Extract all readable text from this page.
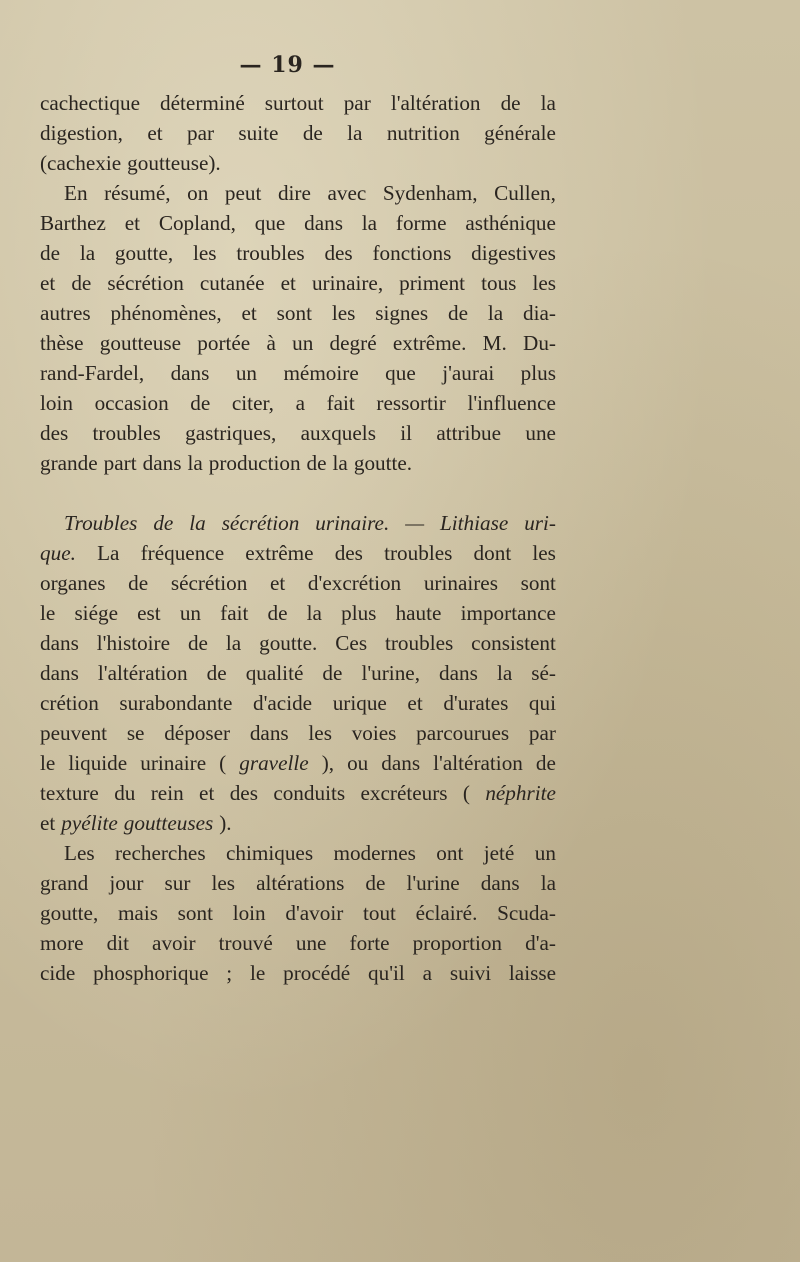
— 19 —
cachectique déterminé surtout par l'altération de la
digestion, et par suite de la nutrition générale
(cachexie goutteuse).
En résumé, on peut dire avec Sydenham, Cullen,
Barthez et Copland, que dans la forme asthénique
de la goutte, les troubles des fonctions digestives
et de sécrétion cutanée et urinaire, priment tous les
autres phénomènes, et sont les signes de la dia-
thèse goutteuse portée à un degré extrême. M. Du-
rand-Fardel, dans un mémoire que j'aurai plus
loin occasion de citer, a fait ressortir l'influence
des troubles gastriques, auxquels il attribue une
grande part dans la production de la goutte.
Troubles de la sécrétion urinaire. — Lithiase uri-
que. La fréquence extrême des troubles dont les
organes de sécrétion et d'excrétion urinaires sont
le siége est un fait de la plus haute importance
dans l'histoire de la goutte. Ces troubles consistent
dans l'altération de qualité de l'urine, dans la sé-
crétion surabondante d'acide urique et d'urates qui
peuvent se déposer dans les voies parcourues par
le liquide urinaire ( gravelle ), ou dans l'altération de
texture du rein et des conduits excréteurs ( néphrite
et pyélite goutteuses ).
Les recherches chimiques modernes ont jeté un
grand jour sur les altérations de l'urine dans la
goutte, mais sont loin d'avoir tout éclairé. Scuda-
more dit avoir trouvé une forte proportion d'a-
cide phosphorique ; le procédé qu'il a suivi laisse
